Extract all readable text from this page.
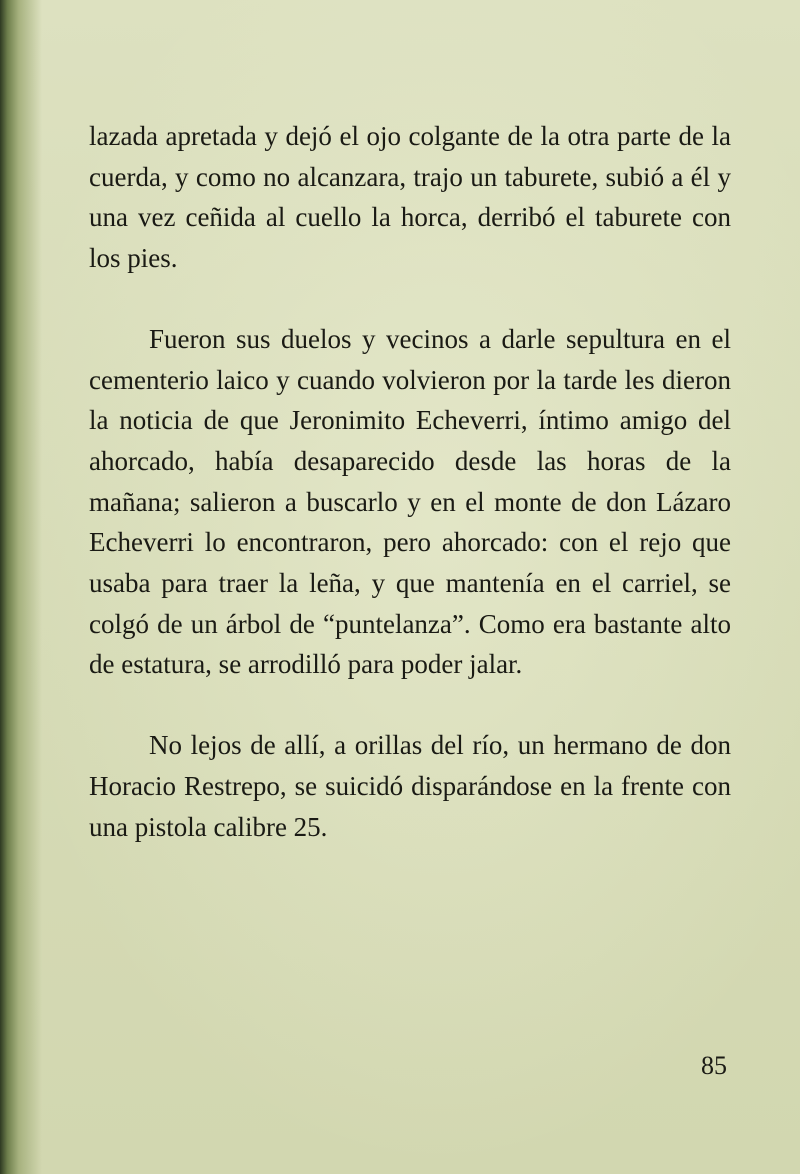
lazada apretada y dejó el ojo colgante de la otra parte de la cuerda, y como no alcanzara, trajo un taburete, subió a él y una vez ceñida al cuello la horca, derribó el taburete con los pies.

Fueron sus duelos y vecinos a darle sepultura en el cementerio laico y cuando volvieron por la tarde les dieron la noticia de que Jeronimito Echeverri, íntimo amigo del ahorcado, había desaparecido desde las horas de la mañana; salieron a buscarlo y en el monte de don Lázaro Echeverri lo encontraron, pero ahorcado: con el rejo que usaba para traer la leña, y que mantenía en el carriel, se colgó de un árbol de “puntelanza”. Como era bastante alto de estatura, se arrodilló para poder jalar.

No lejos de allí, a orillas del río, un hermano de don Horacio Restrepo, se suicidó disparándose en la frente con una pistola calibre 25.

85
